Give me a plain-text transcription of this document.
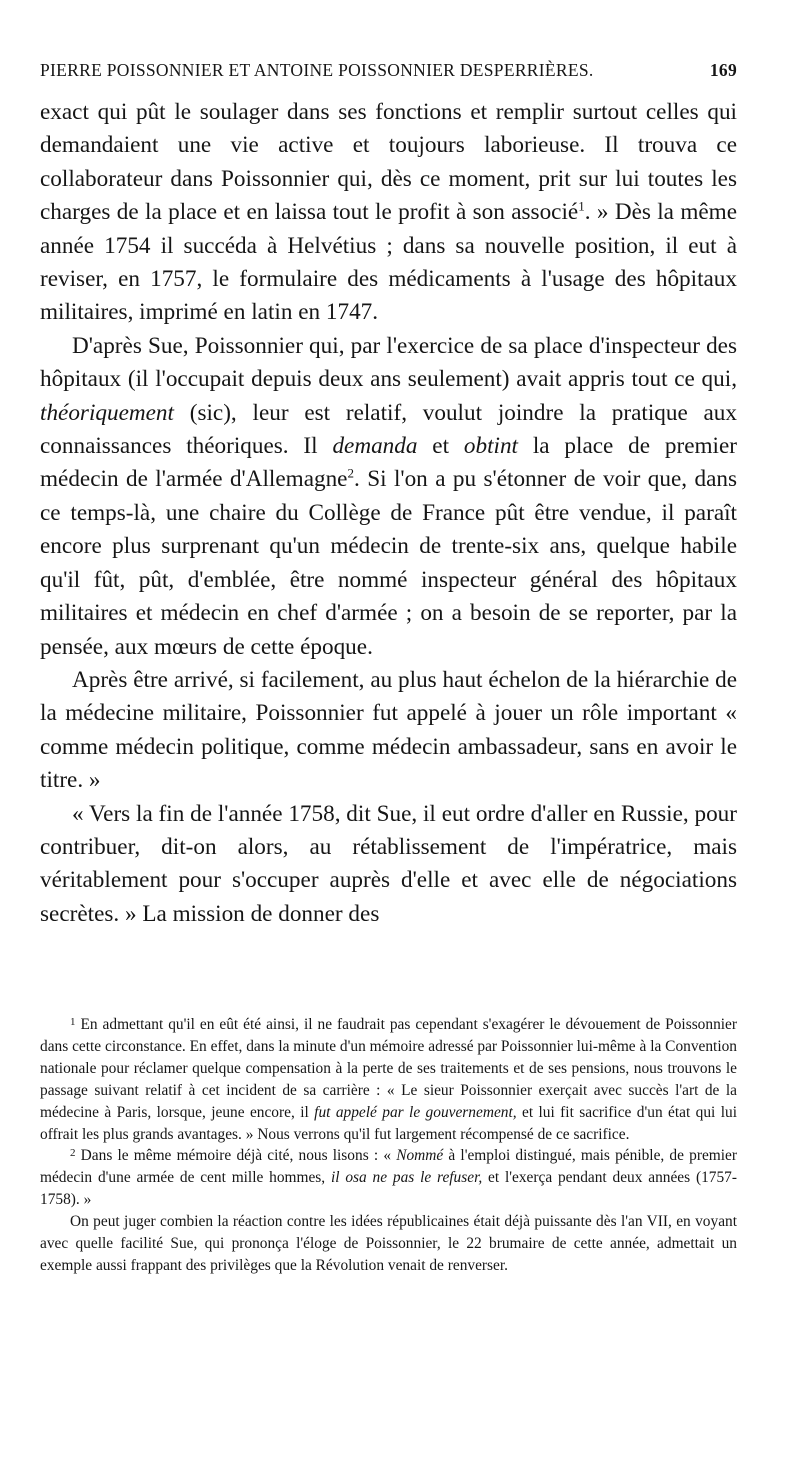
PIERRE POISSONNIER ET ANTOINE POISSONNIER DESPERRIÈRES.	169

exact qui pût le soulager dans ses fonctions et remplir surtout celles qui demandaient une vie active et toujours laborieuse. Il trouva ce collaborateur dans Poissonnier qui, dès ce moment, prit sur lui toutes les charges de la place et en laissa tout le profit à son associé$^1$. » Dès la même année 1754 il succéda à Helvétius ; dans sa nouvelle position, il eut à reviser, en 1757, le formulaire des médicaments à l'usage des hôpitaux militaires, imprimé en latin en 1747.

D'après Sue, Poissonnier qui, par l'exercice de sa place d'inspecteur des hôpitaux (il l'occupait depuis deux ans seulement) avait appris tout ce qui, théoriquement (sic), leur est relatif, voulut joindre la pratique aux connaissances théoriques. Il demanda et obtint la place de premier médecin de l'armée d'Allemagne$^2$. Si l'on a pu s'étonner de voir que, dans ce temps-là, une chaire du Collège de France pût être vendue, il paraît encore plus surprenant qu'un médecin de trente-six ans, quelque habile qu'il fût, pût, d'emblée, être nommé inspecteur général des hôpitaux militaires et médecin en chef d'armée ; on a besoin de se reporter, par la pensée, aux mœurs de cette époque.

Après être arrivé, si facilement, au plus haut échelon de la hiérarchie de la médecine militaire, Poissonnier fut appelé à jouer un rôle important « comme médecin politique, comme médecin ambassadeur, sans en avoir le titre. »

« Vers la fin de l'année 1758, dit Sue, il eut ordre d'aller en Russie, pour contribuer, dit-on alors, au rétablissement de l'impératrice, mais véritablement pour s'occuper auprès d'elle et avec elle de négociations secrètes. » La mission de donner des

$^1$ En admettant qu'il en eût été ainsi, il ne faudrait pas cependant s'exagérer le dévouement de Poissonnier dans cette circonstance. En effet, dans la minute d'un mémoire adressé par Poissonnier lui-même à la Convention nationale pour réclamer quelque compensation à la perte de ses traitements et de ses pensions, nous trouvons le passage suivant relatif à cet incident de sa carrière : « Le sieur Poissonnier exerçait avec succès l'art de la médecine à Paris, lorsque, jeune encore, il fut appelé par le gouvernement, et lui fit sacrifice d'un état qui lui offrait les plus grands avantages. » Nous verrons qu'il fut largement récompensé de ce sacrifice.

$^2$ Dans le même mémoire déjà cité, nous lisons : « Nommé à l'emploi distingué, mais pénible, de premier médecin d'une armée de cent mille hommes, il osa ne pas le refuser, et l'exerça pendant deux années (1757-1758). »

On peut juger combien la réaction contre les idées républicaines était déjà puissante dès l'an VII, en voyant avec quelle facilité Sue, qui prononça l'éloge de Poissonnier, le 22 brumaire de cette année, admettait un exemple aussi frappant des privilèges que la Révolution venait de renverser.
